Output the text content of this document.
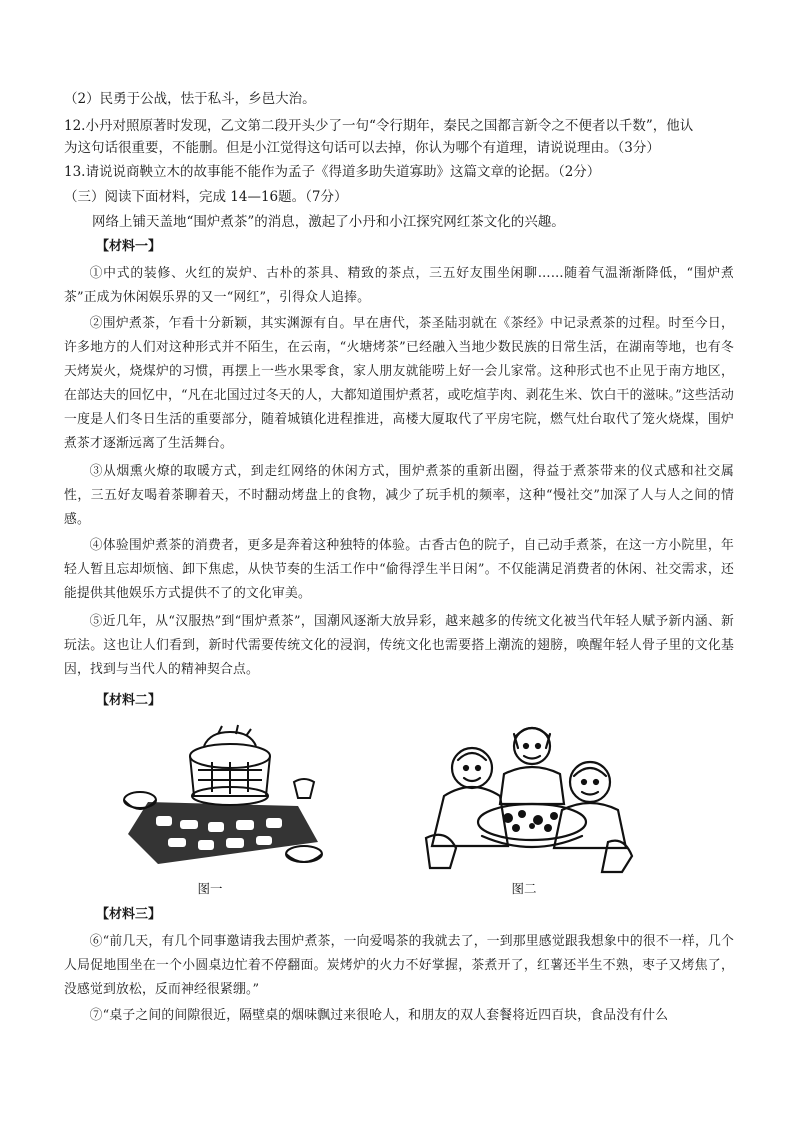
（2）民勇于公战，怯于私斗，乡邑大治。
12.小丹对照原著时发现，乙文第二段开头少了一句“令行期年，秦民之国都言新令之不便者以千数”，他认
为这句话很重要，不能删。但是小江觉得这句话可以去掉，你认为哪个有道理，请说说理由。（3分）
13.请说说商鞅立木的故事能不能作为孟子《得道多助失道寡助》这篇文章的论据。（2分）
（三）阅读下面材料，完成 14—16题。（7分）
网络上铺天盖地“围炉煮茶”的消息，激起了小丹和小江探究网红茶文化的兴趣。
【材料一】
①中式的装修、火红的炭炉、古朴的茶具、精致的茶点，三五好友围坐闲聊……随着气温渐渐降低，“围炉煮茶”正成为休闲娱乐界的又一“网红”，引得众人追捧。
②围炉煮茶，乍看十分新颖，其实渊源有自。早在唐代，茶圣陆羽就在《茶经》中记录煮茶的过程。时至今日，许多地方的人们对这种形式并不陌生，在云南，“火塘烤茶”已经融入当地少数民族的日常生活，在湖南等地，也有冬天烤炭火，烧煤炉的习惯，再摆上一些水果零食，家人朋友就能唠上好一会儿家常。这种形式也不止见于南方地区，在部达夫的回忆中，“凡在北国过过冬天的人，大都知道围炉煮茗，或吃煊芋肉、剥花生米、饮白干的滋味。”这些活动一度是人们冬日生活的重要部分，随着城镇化进程推进，高楼大厦取代了平房宅院，燃气灶台取代了笼火烧煤，围炉煮茶才逐渐远离了生活舞台。
③从烟熏火燎的取暖方式，到走红网络的休闲方式，围炉煮茶的重新出圈，得益于煮茶带来的仪式感和社交属性，三五好友喝着茶聊着天，不时翻动烤盘上的食物，减少了玩手机的频率，这种“慢社交”加深了人与人之间的情感。
④体验围炉煮茶的消费者，更多是奔着这种独特的体验。古香古色的院子，自己动手煮茶，在这一方小院里，年轻人暂且忘却烦恼、卸下焦虑，从快节奏的生活工作中“偷得浮生半日闲”。不仅能满足消费者的休闲、社交需求，还能提供其他娱乐方式提供不了的文化审美。
⑤近几年，从“汉服热”到“围炉煮茶”，国潮风逐渐大放异彩，越来越多的传统文化被当代年轻人赋予新内涵、新玩法。这也让人们看到，新时代需要传统文化的浸润，传统文化也需要搭上潮流的翅膀，唤醒年轻人骨子里的文化基因，找到与当代人的精神契合点。
【材料二】
图一	图二
【材料三】
⑥“前几天，有几个同事邀请我去围炉煮茶，一向爱喝茶的我就去了，一到那里感觉跟我想象中的很不一样，几个人局促地围坐在一个小圆桌边忙着不停翻面。炭烤炉的火力不好掌握，茶煮开了，红薯还半生不熟，枣子又烤焦了，没感觉到放松，反而神经很紧绷。”
⑦“桌子之间的间隙很近，隔壁桌的烟味飘过来很呛人，和朋友的双人套餐将近四百块，食品没有什么
